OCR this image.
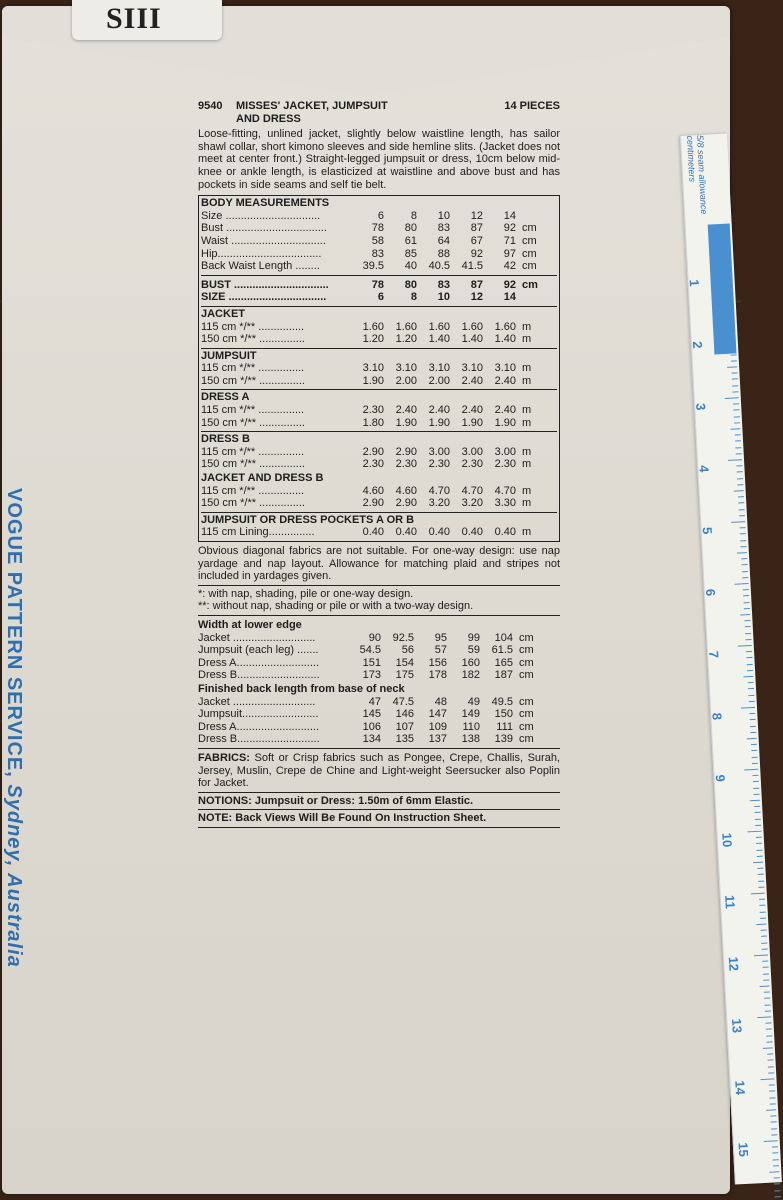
SIII
VOGUE PATTERN SERVICE, Sydney, Australia
5/8 seam allowance centimeters
1
2
3
4
5
6
7
8
9
10
11
12
13
14
15
9540	MISSES' JACKET, JUMPSUIT	14 PIECES
AND DRESS
Loose-fitting, unlined jacket, slightly below waistline length, has sailor shawl collar, short kimono sleeves and side hemline slits. (Jacket does not meet at center front.) Straight-legged jumpsuit or dress, 10cm below mid-knee or ankle length, is elasticized at waistline and above bust and has pockets in side seams and self tie belt.
BODY MEASUREMENTS
Size ...............................	6	8	10	12	14
Bust .................................	78	80	83	87	92 cm
Waist ...............................	58	61	64	67	71 cm
Hip..................................	83	85	88	92	97 cm
Back Waist Length ........	39.5	40	40.5	41.5	42 cm
BUST ...............................	78	80	83	87	92 cm
SIZE ................................	6	8	10	12	14
JACKET
115 cm */** ...............	1.60	1.60	1.60	1.60	1.60 m
150 cm */** ...............	1.20	1.20	1.40	1.40	1.40 m
JUMPSUIT
115 cm */** ...............	3.10	3.10	3.10	3.10	3.10 m
150 cm */** ...............	1.90	2.00	2.00	2.40	2.40 m
DRESS A
115 cm */** ...............	2.30	2.40	2.40	2.40	2.40 m
150 cm */** ...............	1.80	1.90	1.90	1.90	1.90 m
DRESS B
115 cm */** ...............	2.90	2.90	3.00	3.00	3.00 m
150 cm */** ...............	2.30	2.30	2.30	2.30	2.30 m
JACKET AND DRESS B
115 cm */** ...............	4.60	4.60	4.70	4.70	4.70 m
150 cm */** ...............	2.90	2.90	3.20	3.20	3.30 m
JUMPSUIT OR DRESS POCKETS A OR B
115 cm Lining...............	0.40	0.40	0.40	0.40	0.40 m
Obvious diagonal fabrics are not suitable. For one-way design: use nap yardage and nap layout. Allowance for matching plaid and stripes not included in yardages given.
*: with nap, shading, pile or one-way design.
**: without nap, shading or pile or with a two-way design.
Width at lower edge
Jacket ...........................	90	92.5	95	99	104 cm
Jumpsuit (each leg) .......	54.5	56	57	59	61.5 cm
Dress A...........................	151	154	156	160	165 cm
Dress B...........................	173	175	178	182	187 cm
Finished back length from base of neck
Jacket ...........................	47	47.5	48	49	49.5 cm
Jumpsuit.........................	145	146	147	149	150 cm
Dress A...........................	106	107	109	110	111 cm
Dress B...........................	134	135	137	138	139 cm
FABRICS: Soft or Crisp fabrics such as Pongee, Crepe, Challis, Surah, Jersey, Muslin, Crepe de Chine and Light-weight Seersucker also Poplin for Jacket.
NOTIONS: Jumpsuit or Dress: 1.50m of 6mm Elastic.
NOTE: Back Views Will Be Found On Instruction Sheet.
